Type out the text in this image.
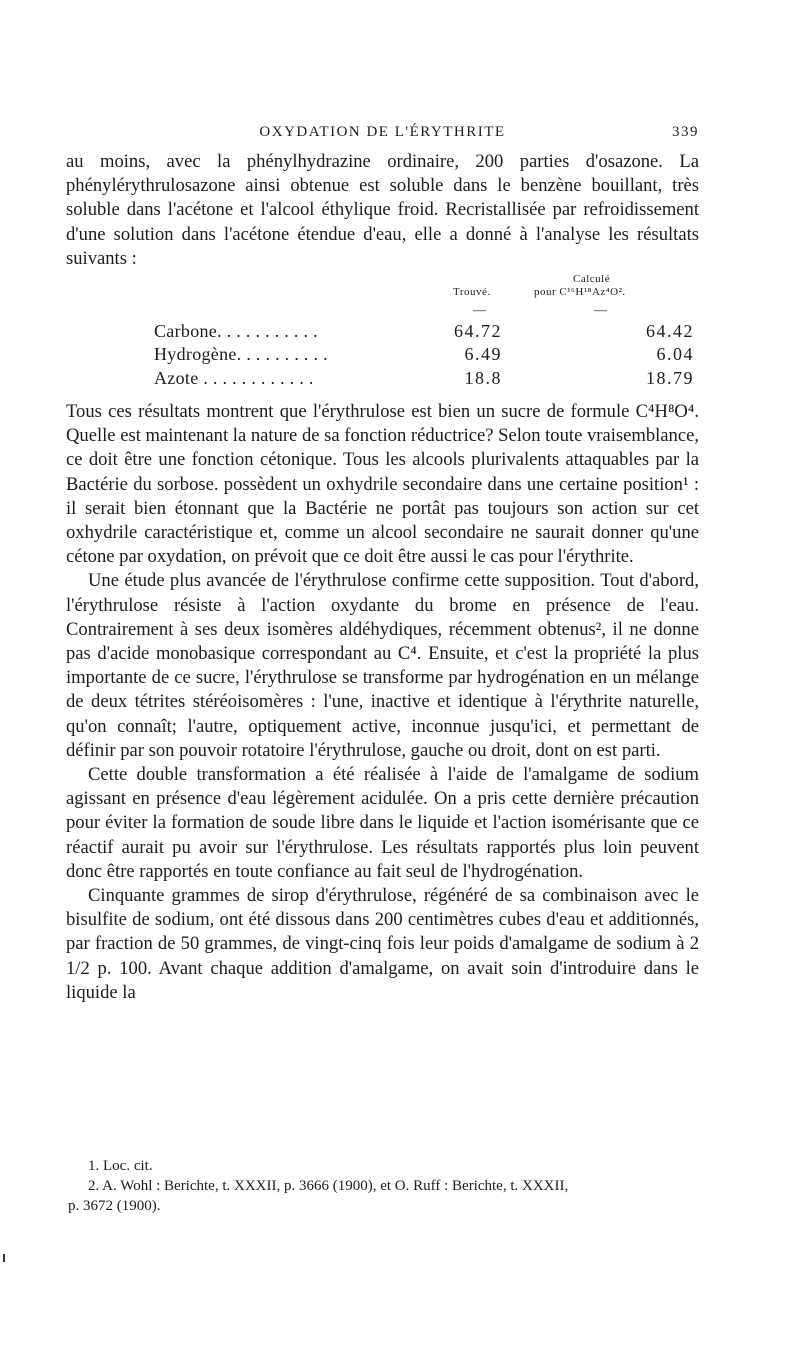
OXYDATION DE L'ÉRYTHRITE	339

au moins, avec la phénylhydrazine ordinaire, 200 parties d'osazone. La phénylérythrulosazone ainsi obtenue est soluble dans le benzène bouillant, très soluble dans l'acétone et l'alcool éthylique froid. Recristallisée par refroidissement d'une solution dans l'acétone étendue d'eau, elle a donné à l'analyse les résultats suivants :

Calculé
pour C¹⁶H¹⁸Az⁴O².
Trouvé.
—	—
Carbone. . . . . . . . . . .	64.72	64.42
Hydrogène. . . . . . . . . .	6.49	6.04
Azote . . . . . . . . . . . .	18.8	18.79

Tous ces résultats montrent que l'érythrulose est bien un sucre de formule C⁴H⁸O⁴. Quelle est maintenant la nature de sa fonction réductrice? Selon toute vraisemblance, ce doit être une fonction cétonique. Tous les alcools plurivalents attaquables par la Bactérie du sorbose. possèdent un oxhydrile secondaire dans une certaine position¹ : il serait bien étonnant que la Bactérie ne portât pas toujours son action sur cet oxhydrile caractéristique et, comme un alcool secondaire ne saurait donner qu'une cétone par oxydation, on prévoit que ce doit être aussi le cas pour l'érythrite.

Une étude plus avancée de l'érythrulose confirme cette supposition. Tout d'abord, l'érythrulose résiste à l'action oxydante du brome en présence de l'eau. Contrairement à ses deux isomères aldéhydiques, récemment obtenus², il ne donne pas d'acide monobasique correspondant au C⁴. Ensuite, et c'est la propriété la plus importante de ce sucre, l'érythrulose se transforme par hydrogénation en un mélange de deux tétrites stéréoisomères : l'une, inactive et identique à l'érythrite naturelle, qu'on connaît; l'autre, optiquement active, inconnue jusqu'ici, et permettant de définir par son pouvoir rotatoire l'érythrulose, gauche ou droit, dont on est parti.

Cette double transformation a été réalisée à l'aide de l'amalgame de sodium agissant en présence d'eau légèrement acidulée. On a pris cette dernière précaution pour éviter la formation de soude libre dans le liquide et l'action isomérisante que ce réactif aurait pu avoir sur l'érythrulose. Les résultats rapportés plus loin peuvent donc être rapportés en toute confiance au fait seul de l'hydrogénation.

Cinquante grammes de sirop d'érythrulose, régénéré de sa combinaison avec le bisulfite de sodium, ont été dissous dans 200 centimètres cubes d'eau et additionnés, par fraction de 50 grammes, de vingt-cinq fois leur poids d'amalgame de sodium à 2 1/2 p. 100. Avant chaque addition d'amalgame, on avait soin d'introduire dans le liquide la

1. Loc. cit.

2. A. Wohl : Berichte, t. XXXII, p. 3666 (1900), et O. Ruff : Berichte, t. XXXII,

p. 3672 (1900).
